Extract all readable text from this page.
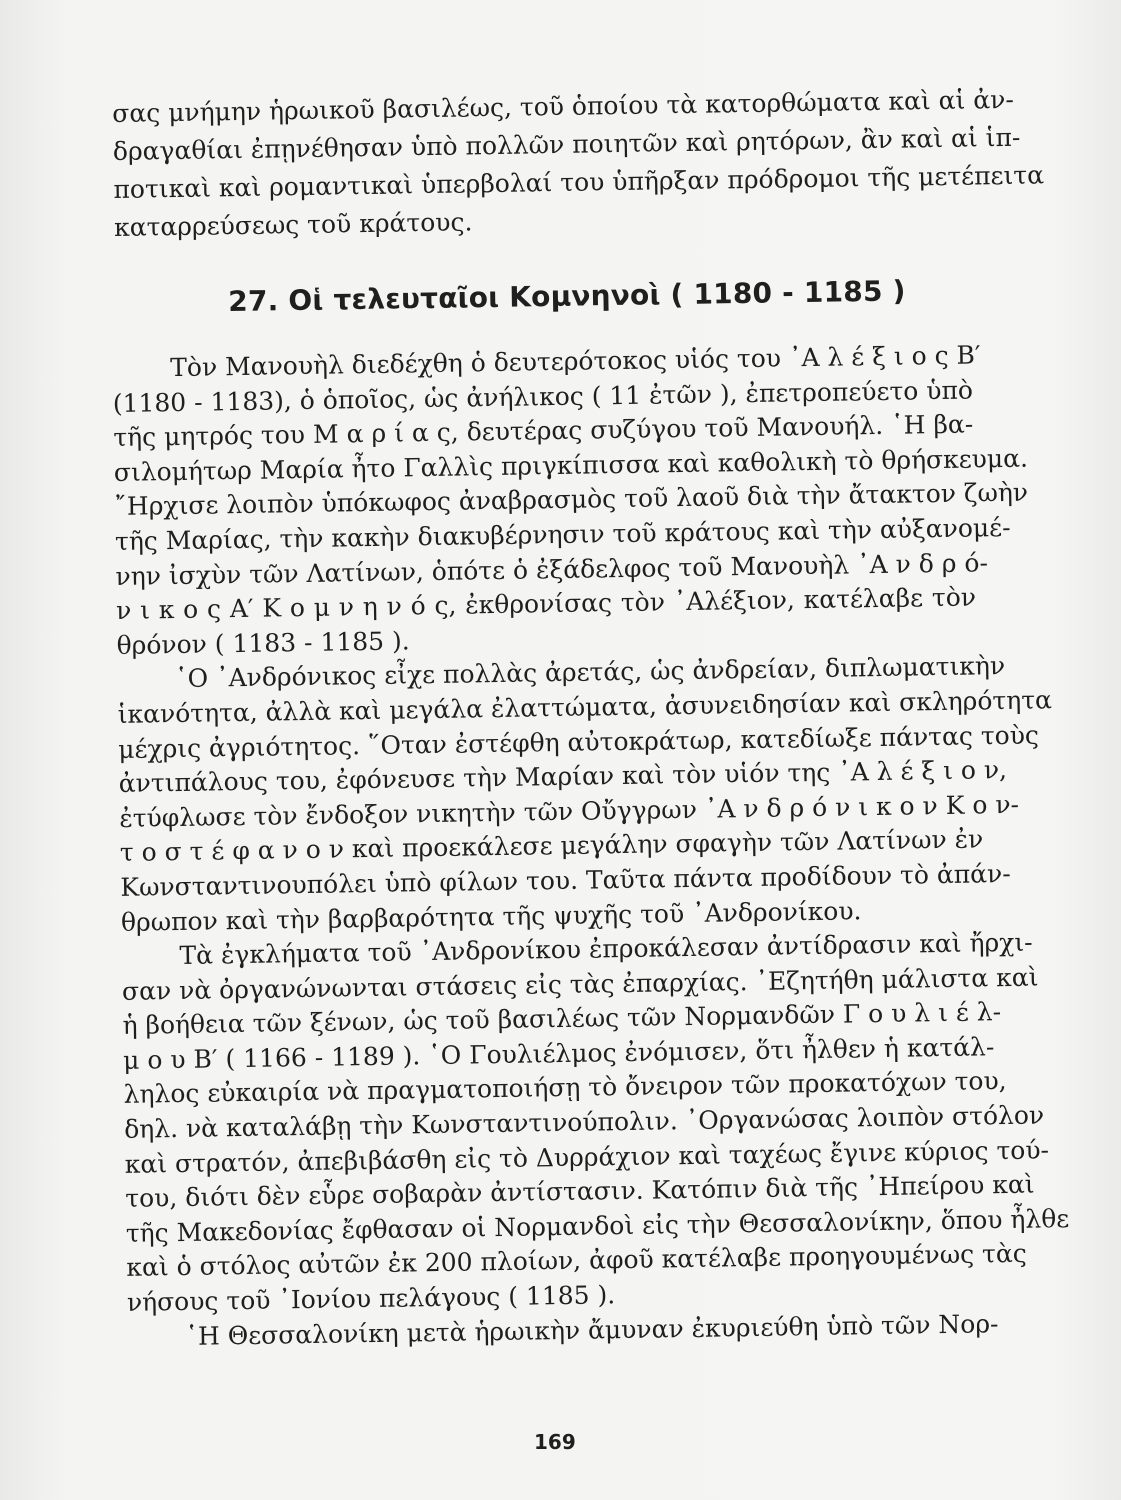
σας μνήμην ἡρωικοῦ βασιλέως, τοῦ ὁποίου τὰ κατορθώματα καὶ αἱ ἀν-
δραγαθίαι ἐπῃνέθησαν ὑπὸ πολλῶν ποιητῶν καὶ ρητόρων, ἂν καὶ αἱ ἱπ-
ποτικαὶ καὶ ρομαντικαὶ ὑπερβολαί του ὑπῆρξαν πρόδρομοι τῆς μετέπειτα
καταρρεύσεως τοῦ κράτους.
27. Οἱ τελευταῖοι Κομνηνοὶ ( 1180 - 1185 )
Τὸν Μανουὴλ διεδέχθη ὁ δευτερότοκος υἱός του ᾿Α λ έ ξ ι ο ς Β′
(1180 - 1183), ὁ ὁποῖος, ὡς ἀνήλικος ( 11 ἐτῶν ), ἐπετροπεύετο ὑπὸ
τῆς μητρός του Μ α ρ ί α ς, δευτέρας συζύγου τοῦ Μανουήλ. ῾Η βα-
σιλομήτωρ Μαρία ἦτο Γαλλὶς πριγκίπισσα καὶ καθολικὴ τὸ θρήσκευμα.
῎Ηρχισε λοιπὸν ὑπόκωφος ἀναβρασμὸς τοῦ λαοῦ διὰ τὴν ἄτακτον ζωὴν
τῆς Μαρίας, τὴν κακὴν διακυβέρνησιν τοῦ κράτους καὶ τὴν αὐξανομέ-
νην ἰσχὺν τῶν Λατίνων, ὁπότε ὁ ἐξάδελφος τοῦ Μανουὴλ ᾿Α ν δ ρ ό-
ν ι κ ο ς Α′ Κ ο μ ν η ν ό ς, ἐκθρονίσας τὸν ᾿Αλέξιον, κατέλαβε τὸν
θρόνον ( 1183 - 1185 ).
῾Ο ᾿Ανδρόνικος εἶχε πολλὰς ἀρετάς, ὡς ἀνδρείαν, διπλωματικὴν
ἱκανότητα, ἀλλὰ καὶ μεγάλα ἐλαττώματα, ἀσυνειδησίαν καὶ σκληρότητα
μέχρις ἀγριότητος. ῞Οταν ἐστέφθη αὐτοκράτωρ, κατεδίωξε πάντας τοὺς
ἀντιπάλους του, ἐφόνευσε τὴν Μαρίαν καὶ τὸν υἱόν της ᾿Α λ έ ξ ι ο ν,
ἐτύφλωσε τὸν ἔνδοξον νικητὴν τῶν Οὔγγρων ᾿Α ν δ ρ ό ν ι κ ο ν Κ ο ν-
τ ο σ τ έ φ α ν ο ν καὶ προεκάλεσε μεγάλην σφαγὴν τῶν Λατίνων ἐν
Κωνσταντινουπόλει ὑπὸ φίλων του. Ταῦτα πάντα προδίδουν τὸ ἀπάν-
θρωπον καὶ τὴν βαρβαρότητα τῆς ψυχῆς τοῦ ᾿Ανδρονίκου.
Τὰ ἐγκλήματα τοῦ ᾿Ανδρονίκου ἐπροκάλεσαν ἀντίδρασιν καὶ ἤρχι-
σαν νὰ ὀργανώνωνται στάσεις εἰς τὰς ἐπαρχίας. ᾿Εζητήθη μάλιστα καὶ
ἡ βοήθεια τῶν ξένων, ὡς τοῦ βασιλέως τῶν Νορμανδῶν Γ ο υ λ ι έ λ-
μ ο υ Β′ ( 1166 - 1189 ). ῾Ο Γουλιέλμος ἐνόμισεν, ὅτι ἦλθεν ἡ κατάλ-
ληλος εὐκαιρία νὰ πραγματοποιήσῃ τὸ ὄνειρον τῶν προκατόχων του,
δηλ. νὰ καταλάβῃ τὴν Κωνσταντινούπολιν. ᾿Οργανώσας λοιπὸν στόλον
καὶ στρατόν, ἀπεβιβάσθη εἰς τὸ Δυρράχιον καὶ ταχέως ἔγινε κύριος τού-
του, διότι δὲν εὗρε σοβαρὰν ἀντίστασιν. Κατόπιν διὰ τῆς ᾿Ηπείρου καὶ
τῆς Μακεδονίας ἔφθασαν οἱ Νορμανδοὶ εἰς τὴν Θεσσαλονίκην, ὅπου ἦλθε
καὶ ὁ στόλος αὐτῶν ἐκ 200 πλοίων, ἀφοῦ κατέλαβε προηγουμένως τὰς
νήσους τοῦ ᾿Ιονίου πελάγους ( 1185 ).
῾Η Θεσσαλονίκη μετὰ ἡρωικὴν ἄμυναν ἐκυριεύθη ὑπὸ τῶν Νορ-
169
